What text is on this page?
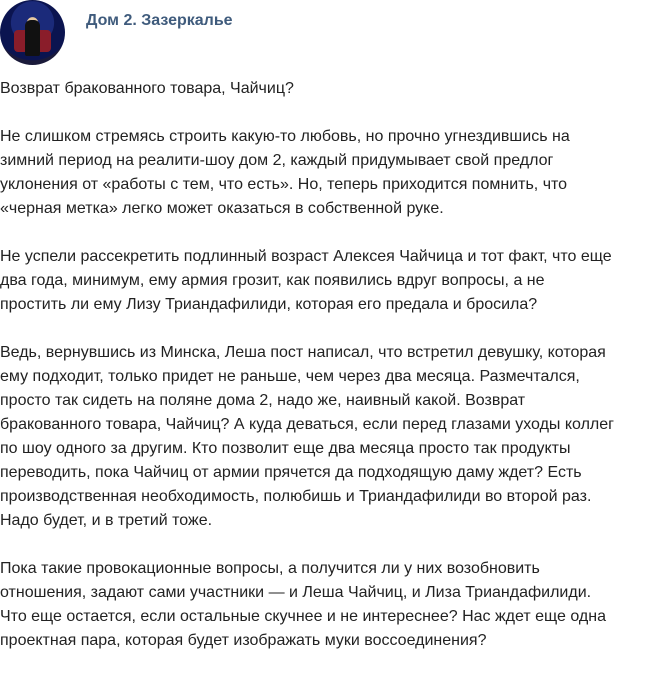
Дом 2. Зазеркалье

Возврат бракованного товара, Чайчиц?

Не слишком стремясь строить какую-то любовь, но прочно угнездившись на
зимний период на реалити-шоу дом 2, каждый придумывает свой предлог
уклонения от «работы с тем, что есть». Но, теперь приходится помнить, что
«черная метка» легко может оказаться в собственной руке.

Не успели рассекретить подлинный возраст Алексея Чайчица и тот факт, что еще
два года, минимум, ему армия грозит, как появились вдруг вопросы, а не
простить ли ему Лизу Триандафилиди, которая его предала и бросила?

Ведь, вернувшись из Минска, Леша пост написал, что встретил девушку, которая
ему подходит, только придет не раньше, чем через два месяца. Размечтался,
просто так сидеть на поляне дома 2, надо же, наивный какой. Возврат
бракованного товара, Чайчиц? А куда деваться, если перед глазами уходы коллег
по шоу одного за другим. Кто позволит еще два месяца просто так продукты
переводить, пока Чайчиц от армии прячется да подходящую даму ждет? Есть
производственная необходимость, полюбишь и Триандафилиди во второй раз.
Надо будет, и в третий тоже.

Пока такие провокационные вопросы, а получится ли у них возобновить
отношения, задают сами участники — и Леша Чайчиц, и Лиза Триандафилиди.
Что еще остается, если остальные скучнее и не интереснее? Нас ждет еще одна
проектная пара, которая будет изображать муки воссоединения?
